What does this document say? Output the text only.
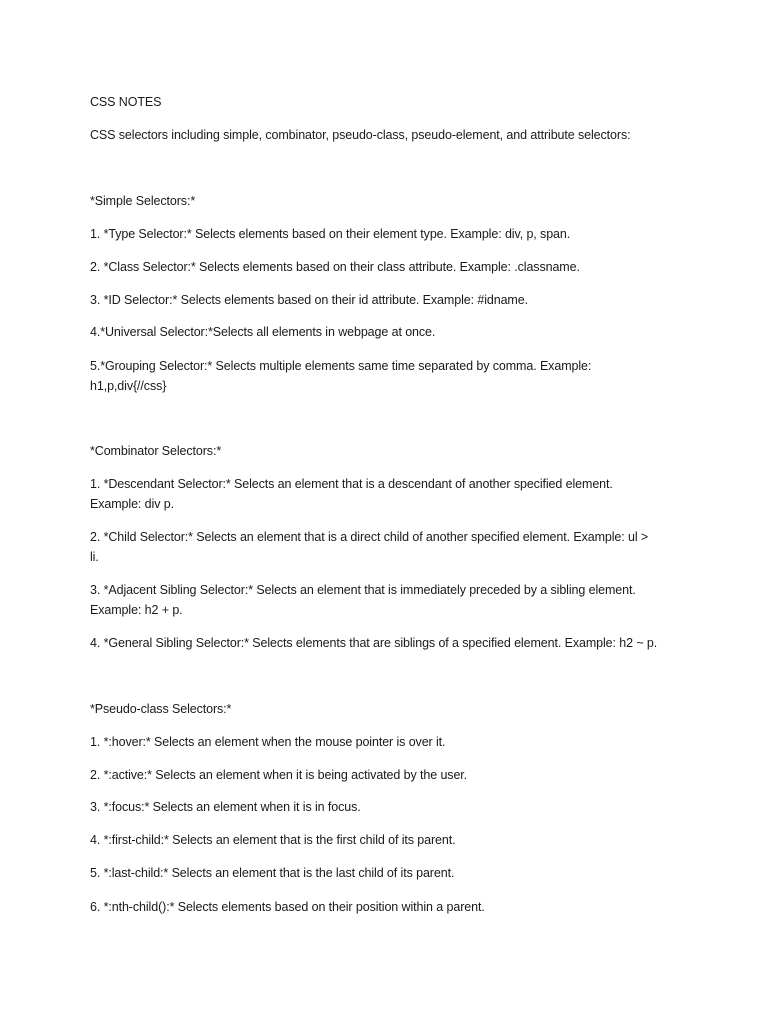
CSS NOTES
CSS selectors including simple, combinator, pseudo-class, pseudo-element, and attribute selectors:
*Simple Selectors:*
1. *Type Selector:* Selects elements based on their element type. Example: div, p, span.
2. *Class Selector:* Selects elements based on their class attribute. Example: .classname.
3. *ID Selector:* Selects elements based on their id attribute. Example: #idname.
4.*Universal Selector:*Selects all elements in webpage at once.
5.*Grouping Selector:* Selects multiple elements same time separated by comma. Example:
h1,p,div{//css}
*Combinator Selectors:*
1. *Descendant Selector:* Selects an element that is a descendant of another specified element.
Example: div p.
2. *Child Selector:* Selects an element that is a direct child of another specified element. Example: ul >
li.
3. *Adjacent Sibling Selector:* Selects an element that is immediately preceded by a sibling element.
Example: h2 + p.
4. *General Sibling Selector:* Selects elements that are siblings of a specified element. Example: h2 ~ p.
*Pseudo-class Selectors:*
1. *:hover:* Selects an element when the mouse pointer is over it.
2. *:active:* Selects an element when it is being activated by the user.
3. *:focus:* Selects an element when it is in focus.
4. *:first-child:* Selects an element that is the first child of its parent.
5. *:last-child:* Selects an element that is the last child of its parent.
6. *:nth-child():* Selects elements based on their position within a parent.
